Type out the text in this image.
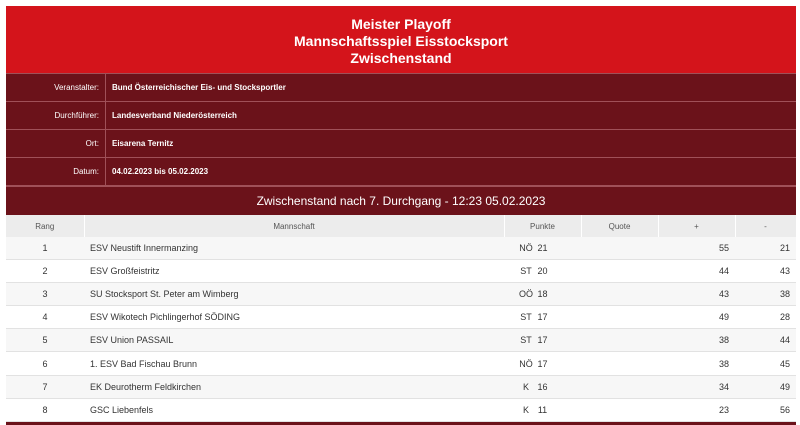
Meister Playoff
Mannschaftsspiel Eisstocksport
Zwischenstand
Veranstalter:	Bund Österreichischer Eis- und Stocksportler
Durchführer:	Landesverband Niederösterreich
Ort:	Eisarena Ternitz
Datum:	04.02.2023 bis 05.02.2023
Zwischenstand nach 7. Durchgang - 12:23 05.02.2023
Rang	Mannschaft	Punkte	Quote	+	-
1	ESV Neustift Innermanzing NÖ	21		55	21
2	ESV Großfeistritz ST	20		44	43
3	SU Stocksport St. Peter am Wimberg OÖ	18		43	38
4	ESV Wikotech Pichlingerhof SÖDING ST	17		49	28
5	ESV Union PASSAIL ST	17		38	44
6	1. ESV Bad Fischau Brunn NÖ	17		38	45
7	EK Deurotherm Feldkirchen K	16		34	49
8	GSC Liebenfels K	11		23	56
